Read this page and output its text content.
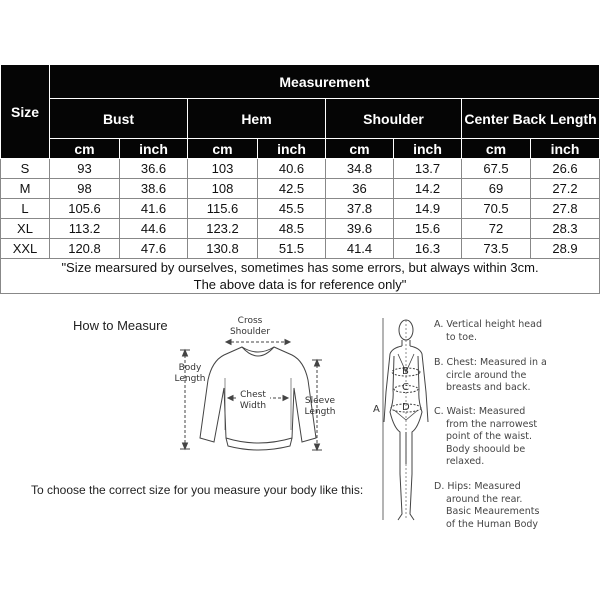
Size	Measurement							
	Bust		Hem		Shoulder		Center Back Length	
	cm	inch	cm	inch	cm	inch	cm	inch
S	93	36.6	103	40.6	34.8	13.7	67.5	26.6
M	98	38.6	108	42.5	36	14.2	69	27.2
L	105.6	41.6	115.6	45.5	37.8	14.9	70.5	27.8
XL	113.2	44.6	123.2	48.5	39.6	15.6	72	28.3
XXL	120.8	47.6	130.8	51.5	41.4	16.3	73.5	28.9

"Size mearsured by ourselves, sometimes has some errors, but always within 3cm.
The above data is for reference only"								
How to Measure
To choose the correct size for you measure your body like this:
Cross
Shoulder
Body
Length
Chest
Width	Sleeve
Length	A
B
C
D
A. Vertical height head
to toe.
B. Chest: Measured in a
circle around the
breasts and back.
C. Waist: Measured
from the narrowest
point of the waist.
Body shoould be
relaxed.
D. Hips: Measured
around the rear.
Basic Meaurements
of the Human Body
